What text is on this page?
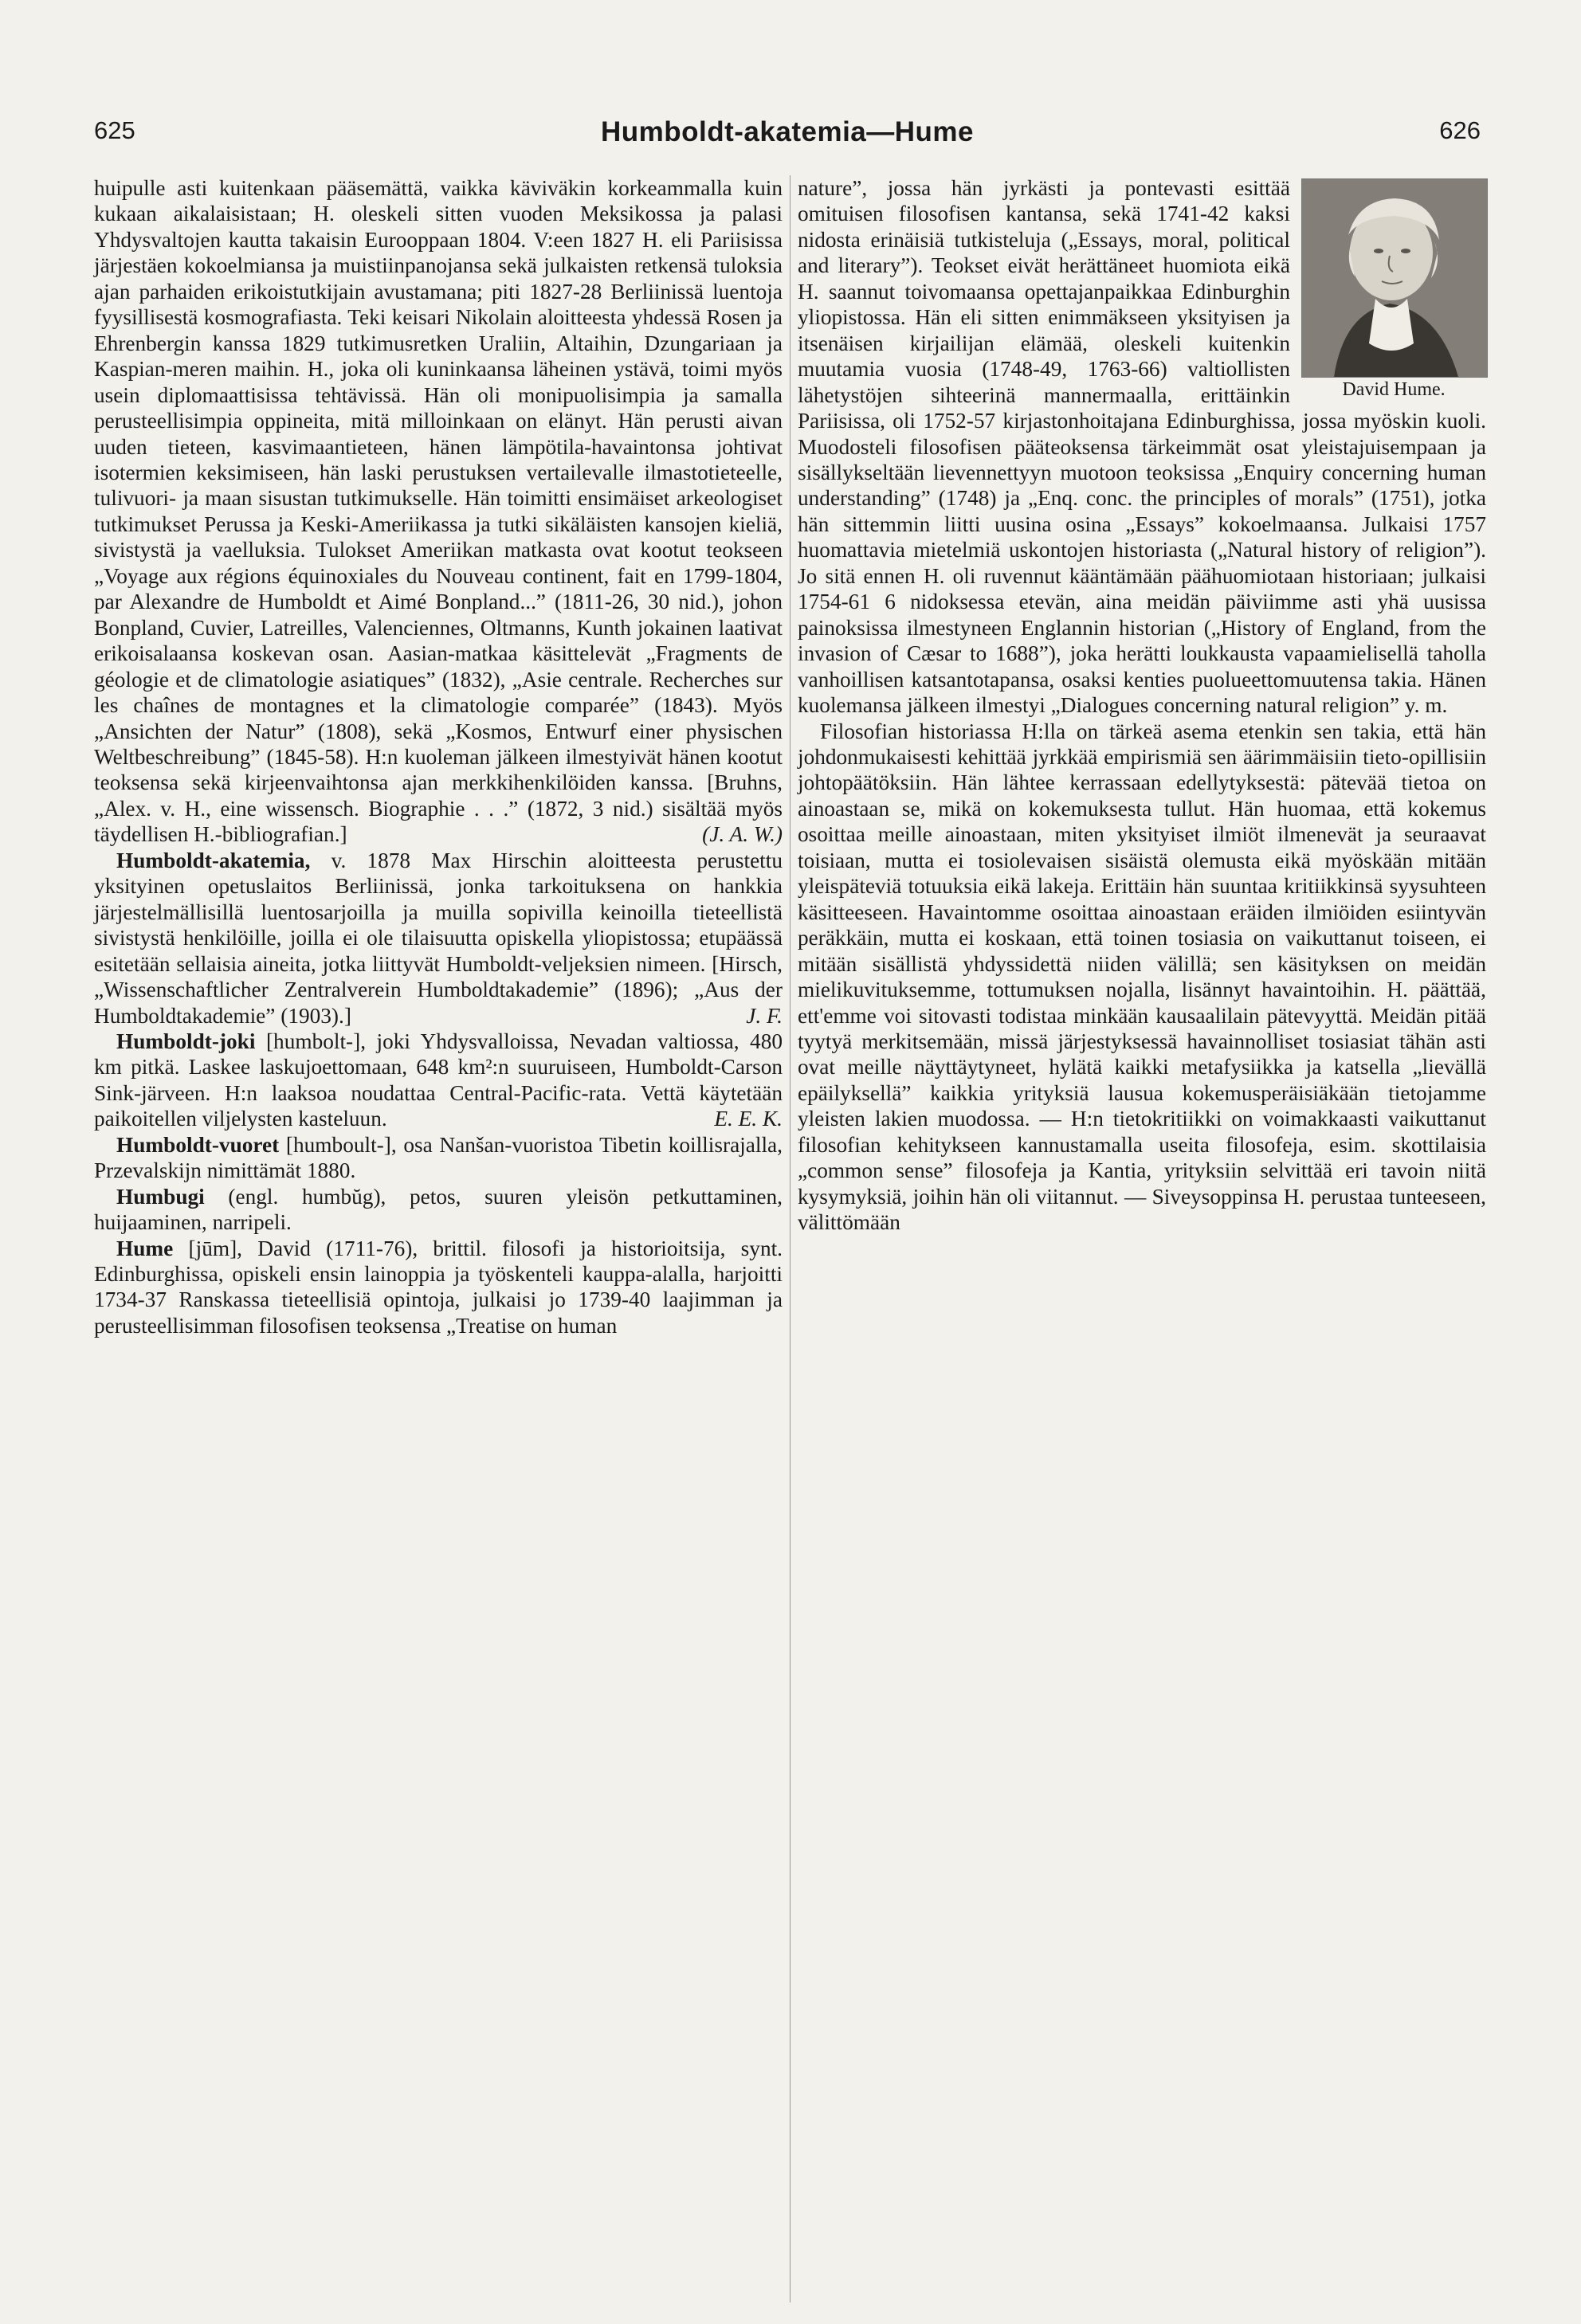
625	Humboldt-akatemia—Hume	626

huipulle asti kuitenkaan pääsemättä, vaikka käviväkin korkeammalla kuin kukaan aikalaisistaan; H. oleskeli sitten vuoden Meksikossa ja palasi Yhdysvaltojen kautta takaisin Eurooppaan 1804. V:een 1827 H. eli Pariisissa järjestäen kokoelmiansa ja muistiinpanojansa sekä julkaisten retkensä tuloksia ajan parhaiden erikoistutkijain avustamana; piti 1827-28 Berliinissä luentoja fyysillisestä kosmografiasta. Teki keisari Nikolain aloitteesta yhdessä Rosen ja Ehrenbergin kanssa 1829 tutkimusretken Uraliin, Altaihin, Dzungariaan ja Kaspian-meren maihin. H., joka oli kuninkaansa läheinen ystävä, toimi myös usein diplomaattisissa tehtävissä. Hän oli monipuolisimpia ja samalla perusteellisimpia oppineita, mitä milloinkaan on elänyt. Hän perusti aivan uuden tieteen, kasvimaantieteen, hänen lämpötila-havaintonsa johtivat isotermien keksimiseen, hän laski perustuksen vertailevalle ilmastotieteelle, tulivuori- ja maan sisustan tutkimukselle. Hän toimitti ensimäiset arkeologiset tutkimukset Perussa ja Keski-Ameriikassa ja tutki sikäläisten kansojen kieliä, sivistystä ja vaelluksia. Tulokset Ameriikan matkasta ovat kootut teokseen „Voyage aux régions équinoxiales du Nouveau continent, fait en 1799-1804, par Alexandre de Humboldt et Aimé Bonpland...” (1811-26, 30 nid.), johon Bonpland, Cuvier, Latreilles, Valenciennes, Oltmanns, Kunth jokainen laativat erikoisalaansa koskevan osan. Aasian-matkaa käsittelevät „Fragments de géologie et de climatologie asiatiques” (1832), „Asie centrale. Recherches sur les chaînes de montagnes et la climatologie comparée” (1843). Myös „Ansichten der Natur” (1808), sekä „Kosmos, Entwurf einer physischen Weltbeschreibung” (1845-58). H:n kuoleman jälkeen ilmestyivät hänen kootut teoksensa sekä kirjeenvaihtonsa ajan merkkihenkilöiden kanssa. [Bruhns, „Alex. v. H., eine wissensch. Biographie . . .” (1872, 3 nid.) sisältää myös täydellisen H.-bibliografian.]	(J. A. W.)

Humboldt-akatemia, v. 1878 Max Hirschin aloitteesta perustettu yksityinen opetuslaitos Berliinissä, jonka tarkoituksena on hankkia järjestelmällisillä luentosarjoilla ja muilla sopivilla keinoilla tieteellistä sivistystä henkilöille, joilla ei ole tilaisuutta opiskella yliopistossa; etupäässä esitetään sellaisia aineita, jotka liittyvät Humboldt-veljeksien nimeen. [Hirsch, „Wissenschaftlicher Zentralverein Humboldtakademie” (1896); „Aus der Humboldtakademie” (1903).]	J. F.

Humboldt-joki [humbolt-], joki Yhdysvalloissa, Nevadan valtiossa, 480 km pitkä. Laskee laskujoettomaan, 648 km²:n suuruiseen, Humboldt-Carson Sink-järveen. H:n laaksoa noudattaa Central-Pacific-rata. Vettä käytetään paikoitellen viljelysten kasteluun.	E. E. K.

Humboldt-vuoret [humboult-], osa Nanšan-vuoristoa Tibetin koillisrajalla, Przevalskijn nimittämät 1880.

Humbugi (engl. humbŭg), petos, suuren yleisön petkuttaminen, huijaaminen, narripeli.

Hume [jūm], David (1711-76), brittil. filosofi ja historioitsija, synt. Edinburghissa, opiskeli ensin lainoppia ja työskenteli kauppa-alalla, harjoitti 1734-37 Ranskassa tieteellisiä opintoja, julkaisi jo 1739-40 laajimman ja perusteellisimman filosofisen teoksensa „Treatise on human

David Hume.

nature”, jossa hän jyrkästi ja pontevasti esittää omituisen filosofisen kantansa, sekä 1741-42 kaksi nidosta erinäisiä tutkisteluja („Essays, moral, political and literary”). Teokset eivät herättäneet huomiota eikä H. saannut toivomaansa opettajanpaikkaa Edinburghin yliopistossa. Hän eli sitten enimmäkseen yksityisen ja itsenäisen kirjailijan elämää, oleskeli kuitenkin muutamia vuosia (1748-49, 1763-66) valtiollisten lähetystöjen sihteerinä mannermaalla, erittäinkin Pariisissa, oli 1752-57 kirjastonhoitajana Edinburghissa, jossa myöskin kuoli. Muodosteli filosofisen pääteoksensa tärkeimmät osat yleistajuisempaan ja sisällykseltään lievennettyyn muotoon teoksissa „Enquiry concerning human understanding” (1748) ja „Enq. conc. the principles of morals” (1751), jotka hän sittemmin liitti uusina osina „Essays” kokoelmaansa. Julkaisi 1757 huomattavia mietelmiä uskontojen historiasta („Natural history of religion”). Jo sitä ennen H. oli ruvennut kääntämään päähuomiotaan historiaan; julkaisi 1754-61 6 nidoksessa etevän, aina meidän päiviimme asti yhä uusissa painoksissa ilmestyneen Englannin historian („History of England, from the invasion of Cæsar to 1688”), joka herätti loukkausta vapaamielisellä taholla vanhoillisen katsantotapansa, osaksi kenties puolueettomuutensa takia. Hänen kuolemansa jälkeen ilmestyi „Dialogues concerning natural religion” y. m.

Filosofian historiassa H:lla on tärkeä asema etenkin sen takia, että hän johdonmukaisesti kehittää jyrkkää empirismiä sen äärimmäisiin tieto-opillisiin johtopäätöksiin. Hän lähtee kerrassaan edellytyksestä: pätevää tietoa on ainoastaan se, mikä on kokemuksesta tullut. Hän huomaa, että kokemus osoittaa meille ainoastaan, miten yksityiset ilmiöt ilmenevät ja seuraavat toisiaan, mutta ei tosiolevaisen sisäistä olemusta eikä myöskään mitään yleispäteviä totuuksia eikä lakeja. Erittäin hän suuntaa kritiikkinsä syysuhteen käsitteeseen. Havaintomme osoittaa ainoastaan eräiden ilmiöiden esiintyvän peräkkäin, mutta ei koskaan, että toinen tosiasia on vaikuttanut toiseen, ei mitään sisällistä yhdyssidettä niiden välillä; sen käsityksen on meidän mielikuvituksemme, tottumuksen nojalla, lisännyt havaintoihin. H. päättää, ett'emme voi sitovasti todistaa minkään kausaalilain pätevyyttä. Meidän pitää tyytyä merkitsemään, missä järjestyksessä havainnolliset tosiasiat tähän asti ovat meille näyttäytyneet, hylätä kaikki metafysiikka ja katsella „lievällä epäilyksellä” kaikkia yrityksiä lausua kokemusperäisiäkään tietojamme yleisten lakien muodossa. — H:n tietokritiikki on voimakkaasti vaikuttanut filosofian kehitykseen kannustamalla useita filosofeja, esim. skottilaisia „common sense” filosofeja ja Kantia, yrityksiin selvittää eri tavoin niitä kysymyksiä, joihin hän oli viitannut. — Siveysoppinsa H. perustaa tunteeseen, välittömään
